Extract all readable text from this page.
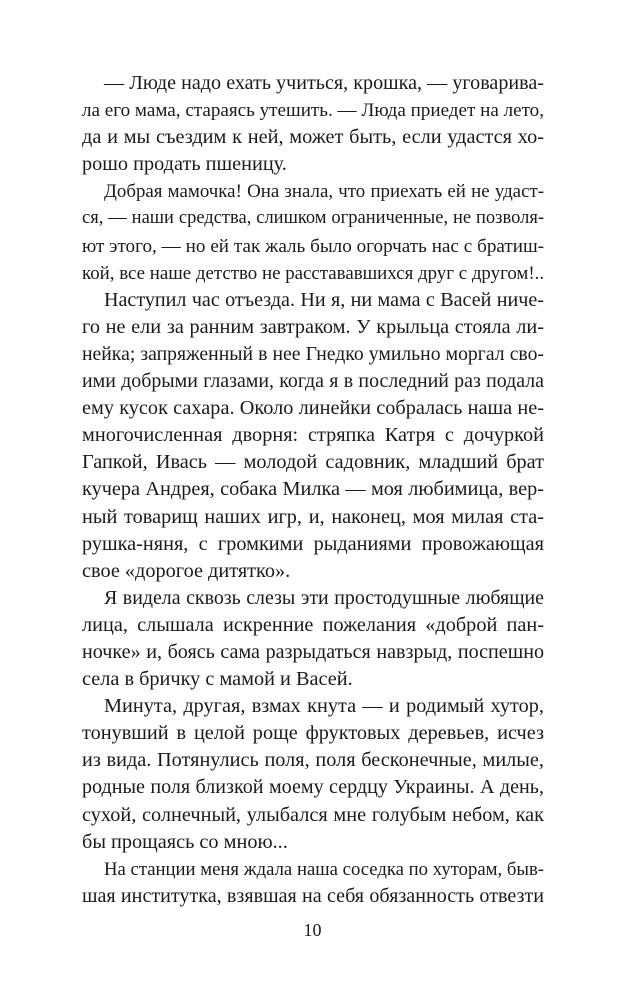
— Люде надо ехать учиться, крошка, — уговарива-
ла его мама, стараясь утешить. — Люда приедет на лето,
да и мы съездим к ней, может быть, если удастся хо-
рошо продать пшеницу.
Добрая мамочка! Она знала, что приехать ей не удаст-
ся, — наши средства, слишком ограниченные, не позволя-
ют этого, — но ей так жаль было огорчать нас с братиш-
кой, все наше детство не расстававшихся друг с другом!..
Наступил час отъезда. Ни я, ни мама с Васей ниче-
го не ели за ранним завтраком. У крыльца стояла ли-
нейка; запряженный в нее Гнедко умильно моргал сво-
ими добрыми глазами, когда я в последний раз подала
ему кусок сахара. Около линейки собралась наша не-
многочисленная дворня: стряпка Катря с дочуркой
Гапкой, Ивась — молодой садовник, младший брат
кучера Андрея, собака Милка — моя любимица, вер-
ный товарищ наших игр, и, наконец, моя милая ста-
рушка-няня, с громкими рыданиями провожающая
свое «дорогое дитятко».
Я видела сквозь слезы эти простодушные любящие
лица, слышала искренние пожелания «доброй пан-
ночке» и, боясь сама разрыдаться навзрыд, поспешно
села в бричку с мамой и Васей.
Минута, другая, взмах кнута — и родимый хутор,
тонувший в целой роще фруктовых деревьев, исчез
из вида. Потянулись поля, поля бесконечные, милые,
родные поля близкой моему сердцу Украины. А день,
сухой, солнечный, улыбался мне голубым небом, как
бы прощаясь со мною...
На станции меня ждала наша соседка по хуторам, быв-
шая институтка, взявшая на себя обязанность отвезти
10
